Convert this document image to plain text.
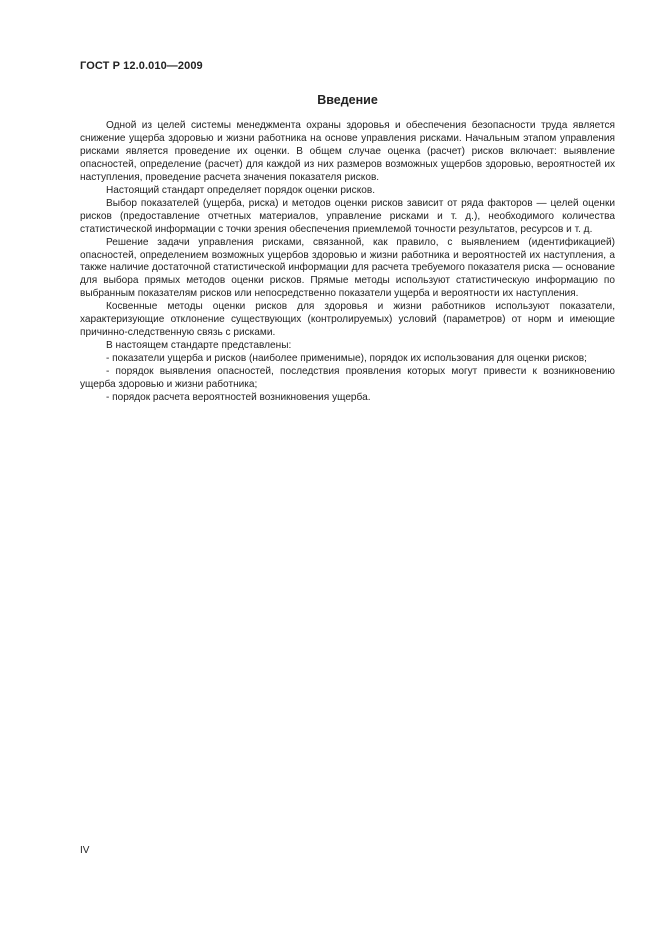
ГОСТ Р 12.0.010—2009
Введение

Одной из целей системы менеджмента охраны здоровья и обеспечения безопасности труда является снижение ущерба здоровью и жизни работника на основе управления рисками. Начальным этапом управления рисками является проведение их оценки. В общем случае оценка (расчет) рисков включает: выявление опасностей, определение (расчет) для каждой из них размеров возможных ущербов здоровью, вероятностей их наступления, проведение расчета значения показателя рисков.

Настоящий стандарт определяет порядок оценки рисков.

Выбор показателей (ущерба, риска) и методов оценки рисков зависит от ряда факторов — целей оценки рисков (предоставление отчетных материалов, управление рисками и т. д.), необходимого количества статистической информации с точки зрения обеспечения приемлемой точности результатов, ресурсов и т. д.

Решение задачи управления рисками, связанной, как правило, с выявлением (идентификацией) опасностей, определением возможных ущербов здоровью и жизни работника и вероятностей их наступления, а также наличие достаточной статистической информации для расчета требуемого показателя риска — основание для выбора прямых методов оценки рисков. Прямые методы используют статистическую информацию по выбранным показателям рисков или непосредственно показатели ущерба и вероятности их наступления.

Косвенные методы оценки рисков для здоровья и жизни работников используют показатели, характеризующие отклонение существующих (контролируемых) условий (параметров) от норм и имеющие причинно-следственную связь с рисками.

В настоящем стандарте представлены:

- показатели ущерба и рисков (наиболее применимые), порядок их использования для оценки рисков;

- порядок выявления опасностей, последствия проявления которых могут привести к возникновению ущерба здоровью и жизни работника;

- порядок расчета вероятностей возникновения ущерба.

IV
